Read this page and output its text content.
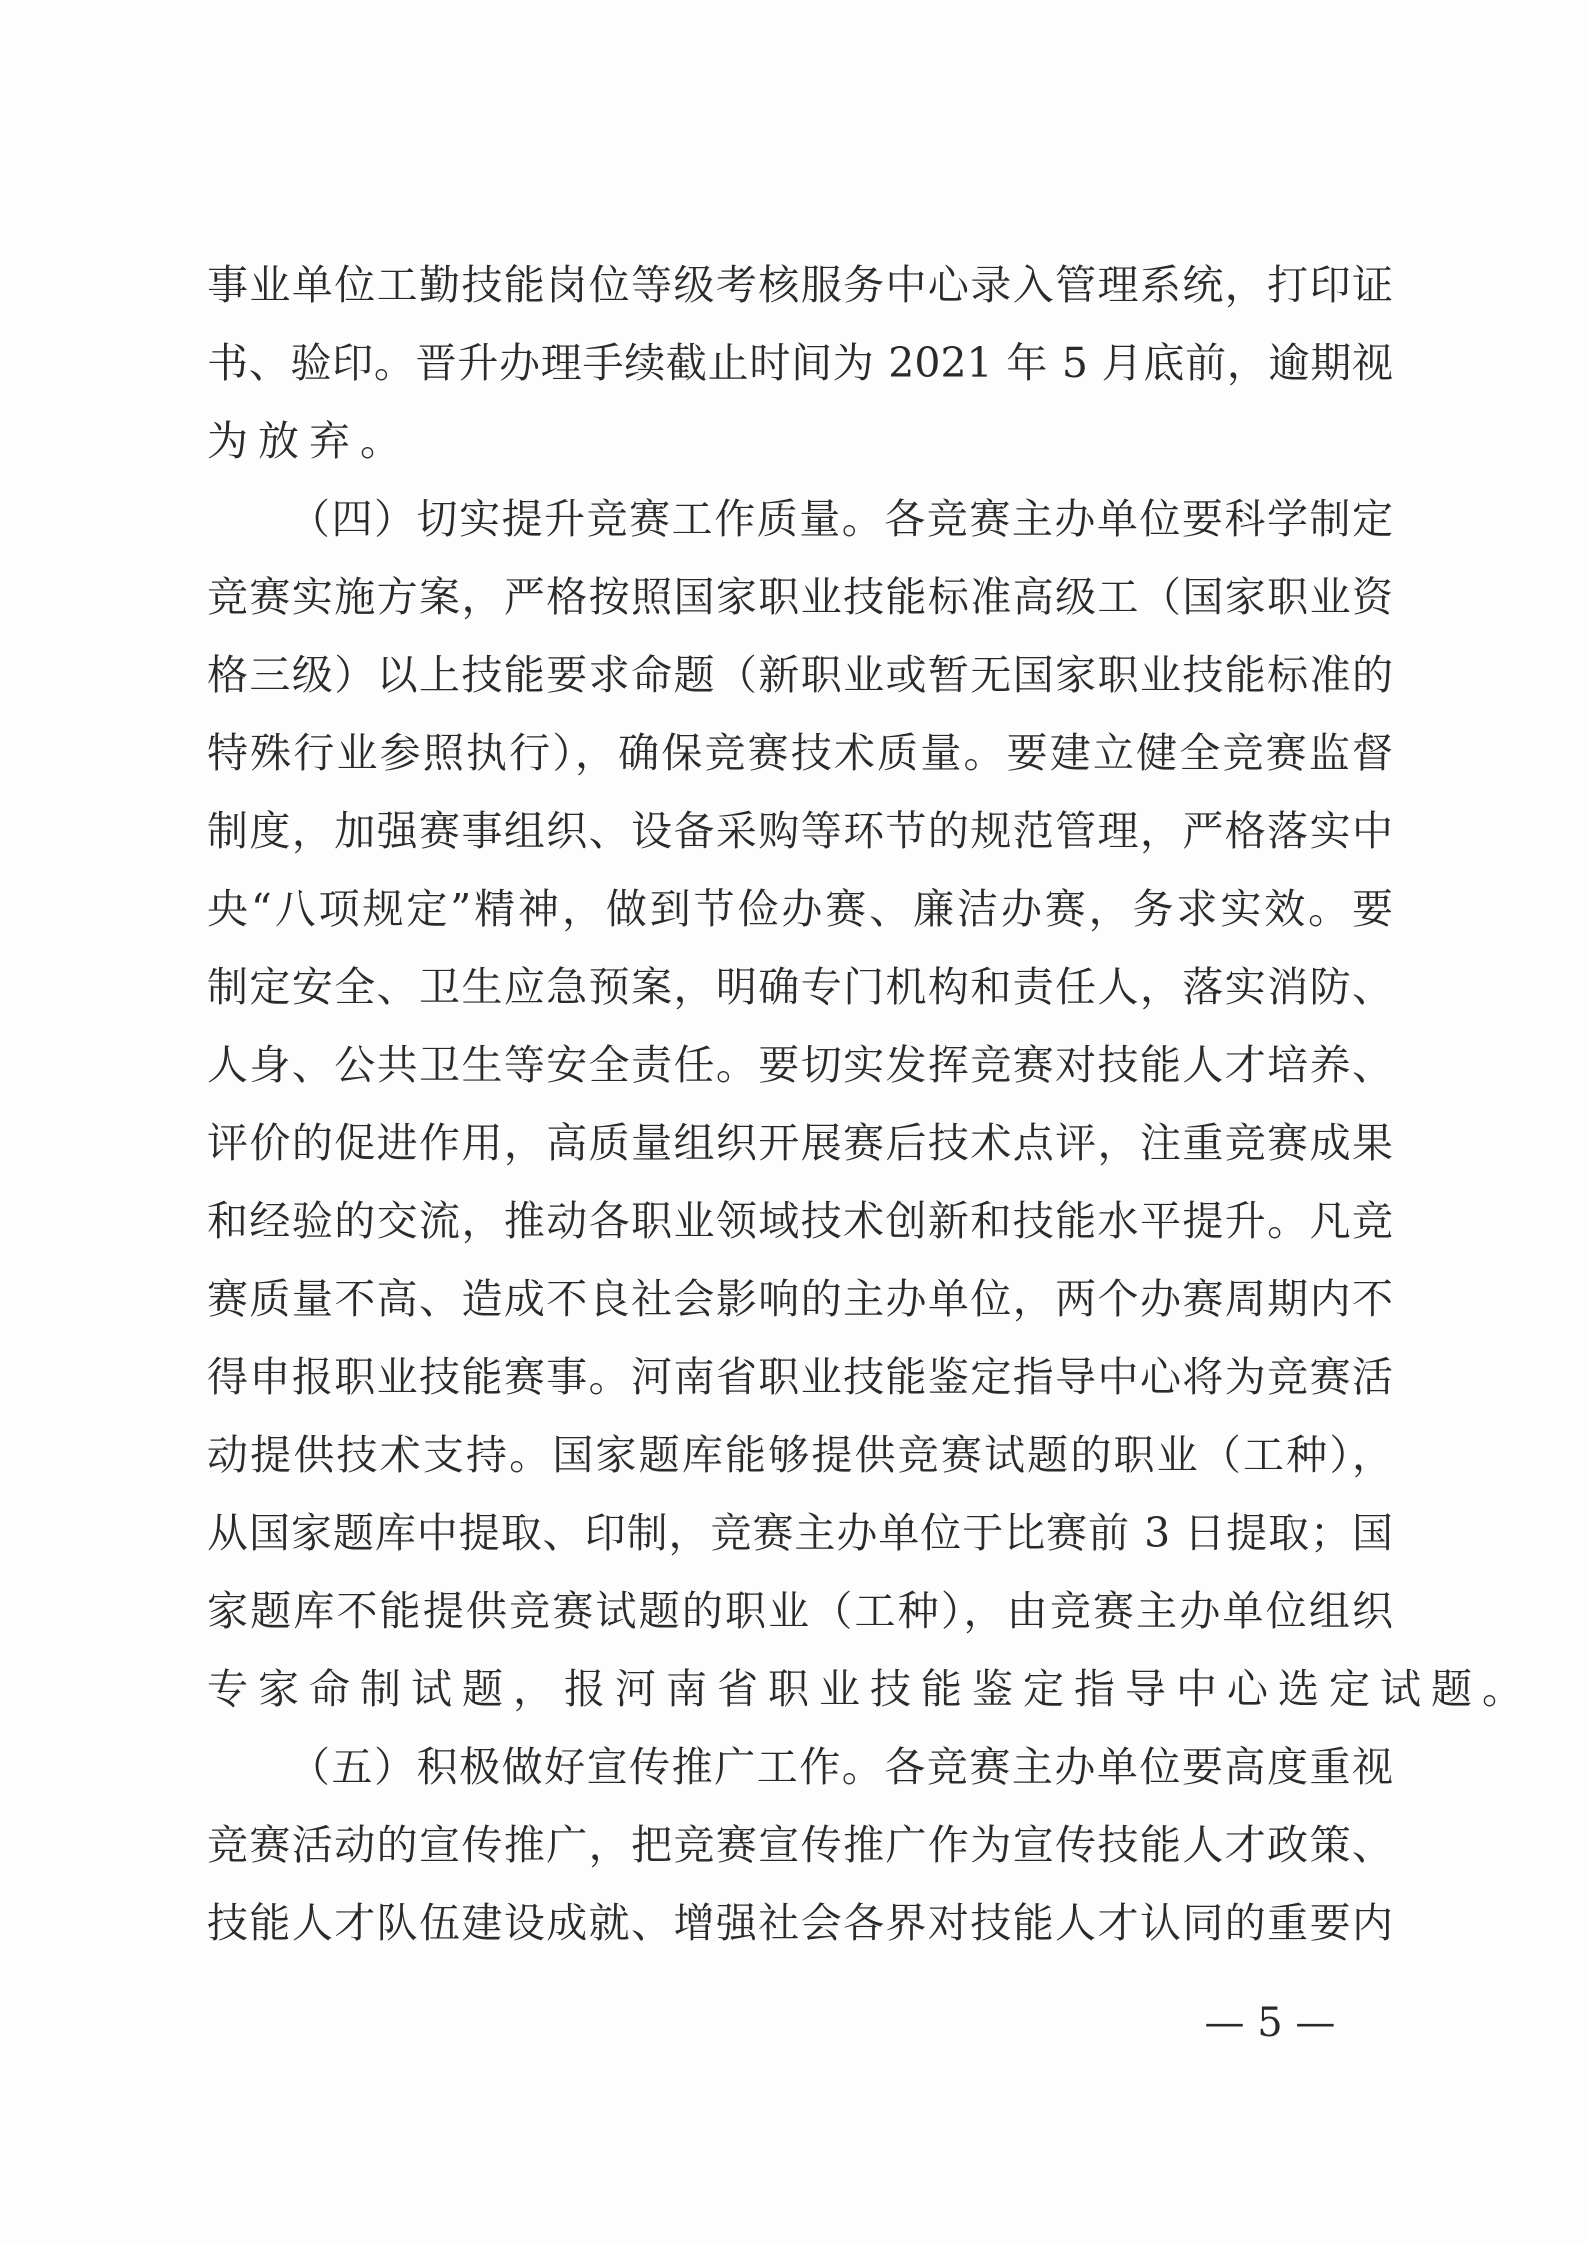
事业单位工勤技能岗位等级考核服务中心录入管理系统，打印证
书、验印。晋升办理手续截止时间为 2021 年 5 月底前，逾期视
为放弃。
（四）切实提升竞赛工作质量。各竞赛主办单位要科学制定
竞赛实施方案，严格按照国家职业技能标准高级工（国家职业资
格三级）以上技能要求命题（新职业或暂无国家职业技能标准的
特殊行业参照执行），确保竞赛技术质量。要建立健全竞赛监督
制度，加强赛事组织、设备采购等环节的规范管理，严格落实中
央“八项规定”精神，做到节俭办赛、廉洁办赛，务求实效。要
制定安全、卫生应急预案，明确专门机构和责任人，落实消防、
人身、公共卫生等安全责任。要切实发挥竞赛对技能人才培养、
评价的促进作用，高质量组织开展赛后技术点评，注重竞赛成果
和经验的交流，推动各职业领域技术创新和技能水平提升。凡竞
赛质量不高、造成不良社会影响的主办单位，两个办赛周期内不
得申报职业技能赛事。河南省职业技能鉴定指导中心将为竞赛活
动提供技术支持。国家题库能够提供竞赛试题的职业（工种），
从国家题库中提取、印制，竞赛主办单位于比赛前 3 日提取；国
家题库不能提供竞赛试题的职业（工种），由竞赛主办单位组织
专家命制试题，报河南省职业技能鉴定指导中心选定试题。
（五）积极做好宣传推广工作。各竞赛主办单位要高度重视
竞赛活动的宣传推广，把竞赛宣传推广作为宣传技能人才政策、
技能人才队伍建设成就、增强社会各界对技能人才认同的重要内
— 5 —
